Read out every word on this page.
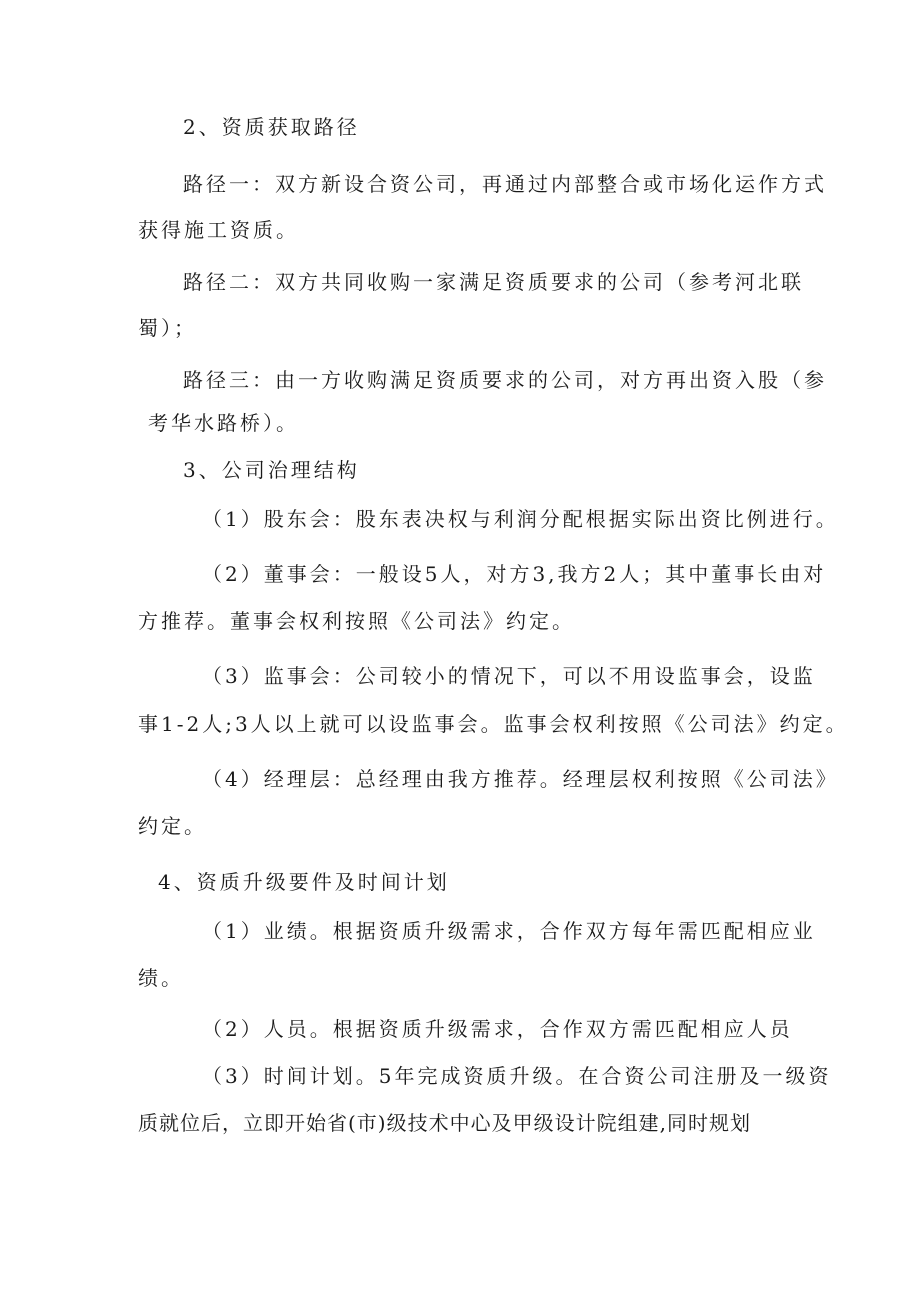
2、资质获取路径
路径一：双方新设合资公司，再通过内部整合或市场化运作方式
获得施工资质。
路径二：双方共同收购一家满足资质要求的公司（参考河北联
蜀）；
路径三：由一方收购满足资质要求的公司，对方再出资入股（参
考华水路桥）。
3、公司治理结构
（1）股东会：股东表决权与利润分配根据实际出资比例进行。
（2）董事会：一般设5人，对方3,我方2人；其中董事长由对
方推荐。董事会权利按照《公司法》约定。
（3）监事会：公司较小的情况下，可以不用设监事会，设监
事1-2人;3人以上就可以设监事会。监事会权利按照《公司法》约定。
（4）经理层：总经理由我方推荐。经理层权利按照《公司法》
约定。
4、资质升级要件及时间计划
（1）业绩。根据资质升级需求，合作双方每年需匹配相应业
绩。
（2）人员。根据资质升级需求，合作双方需匹配相应人员
（3）时间计划。5年完成资质升级。在合资公司注册及一级资
质就位后，立即开始省(市)级技术中心及甲级设计院组建,同时规划
